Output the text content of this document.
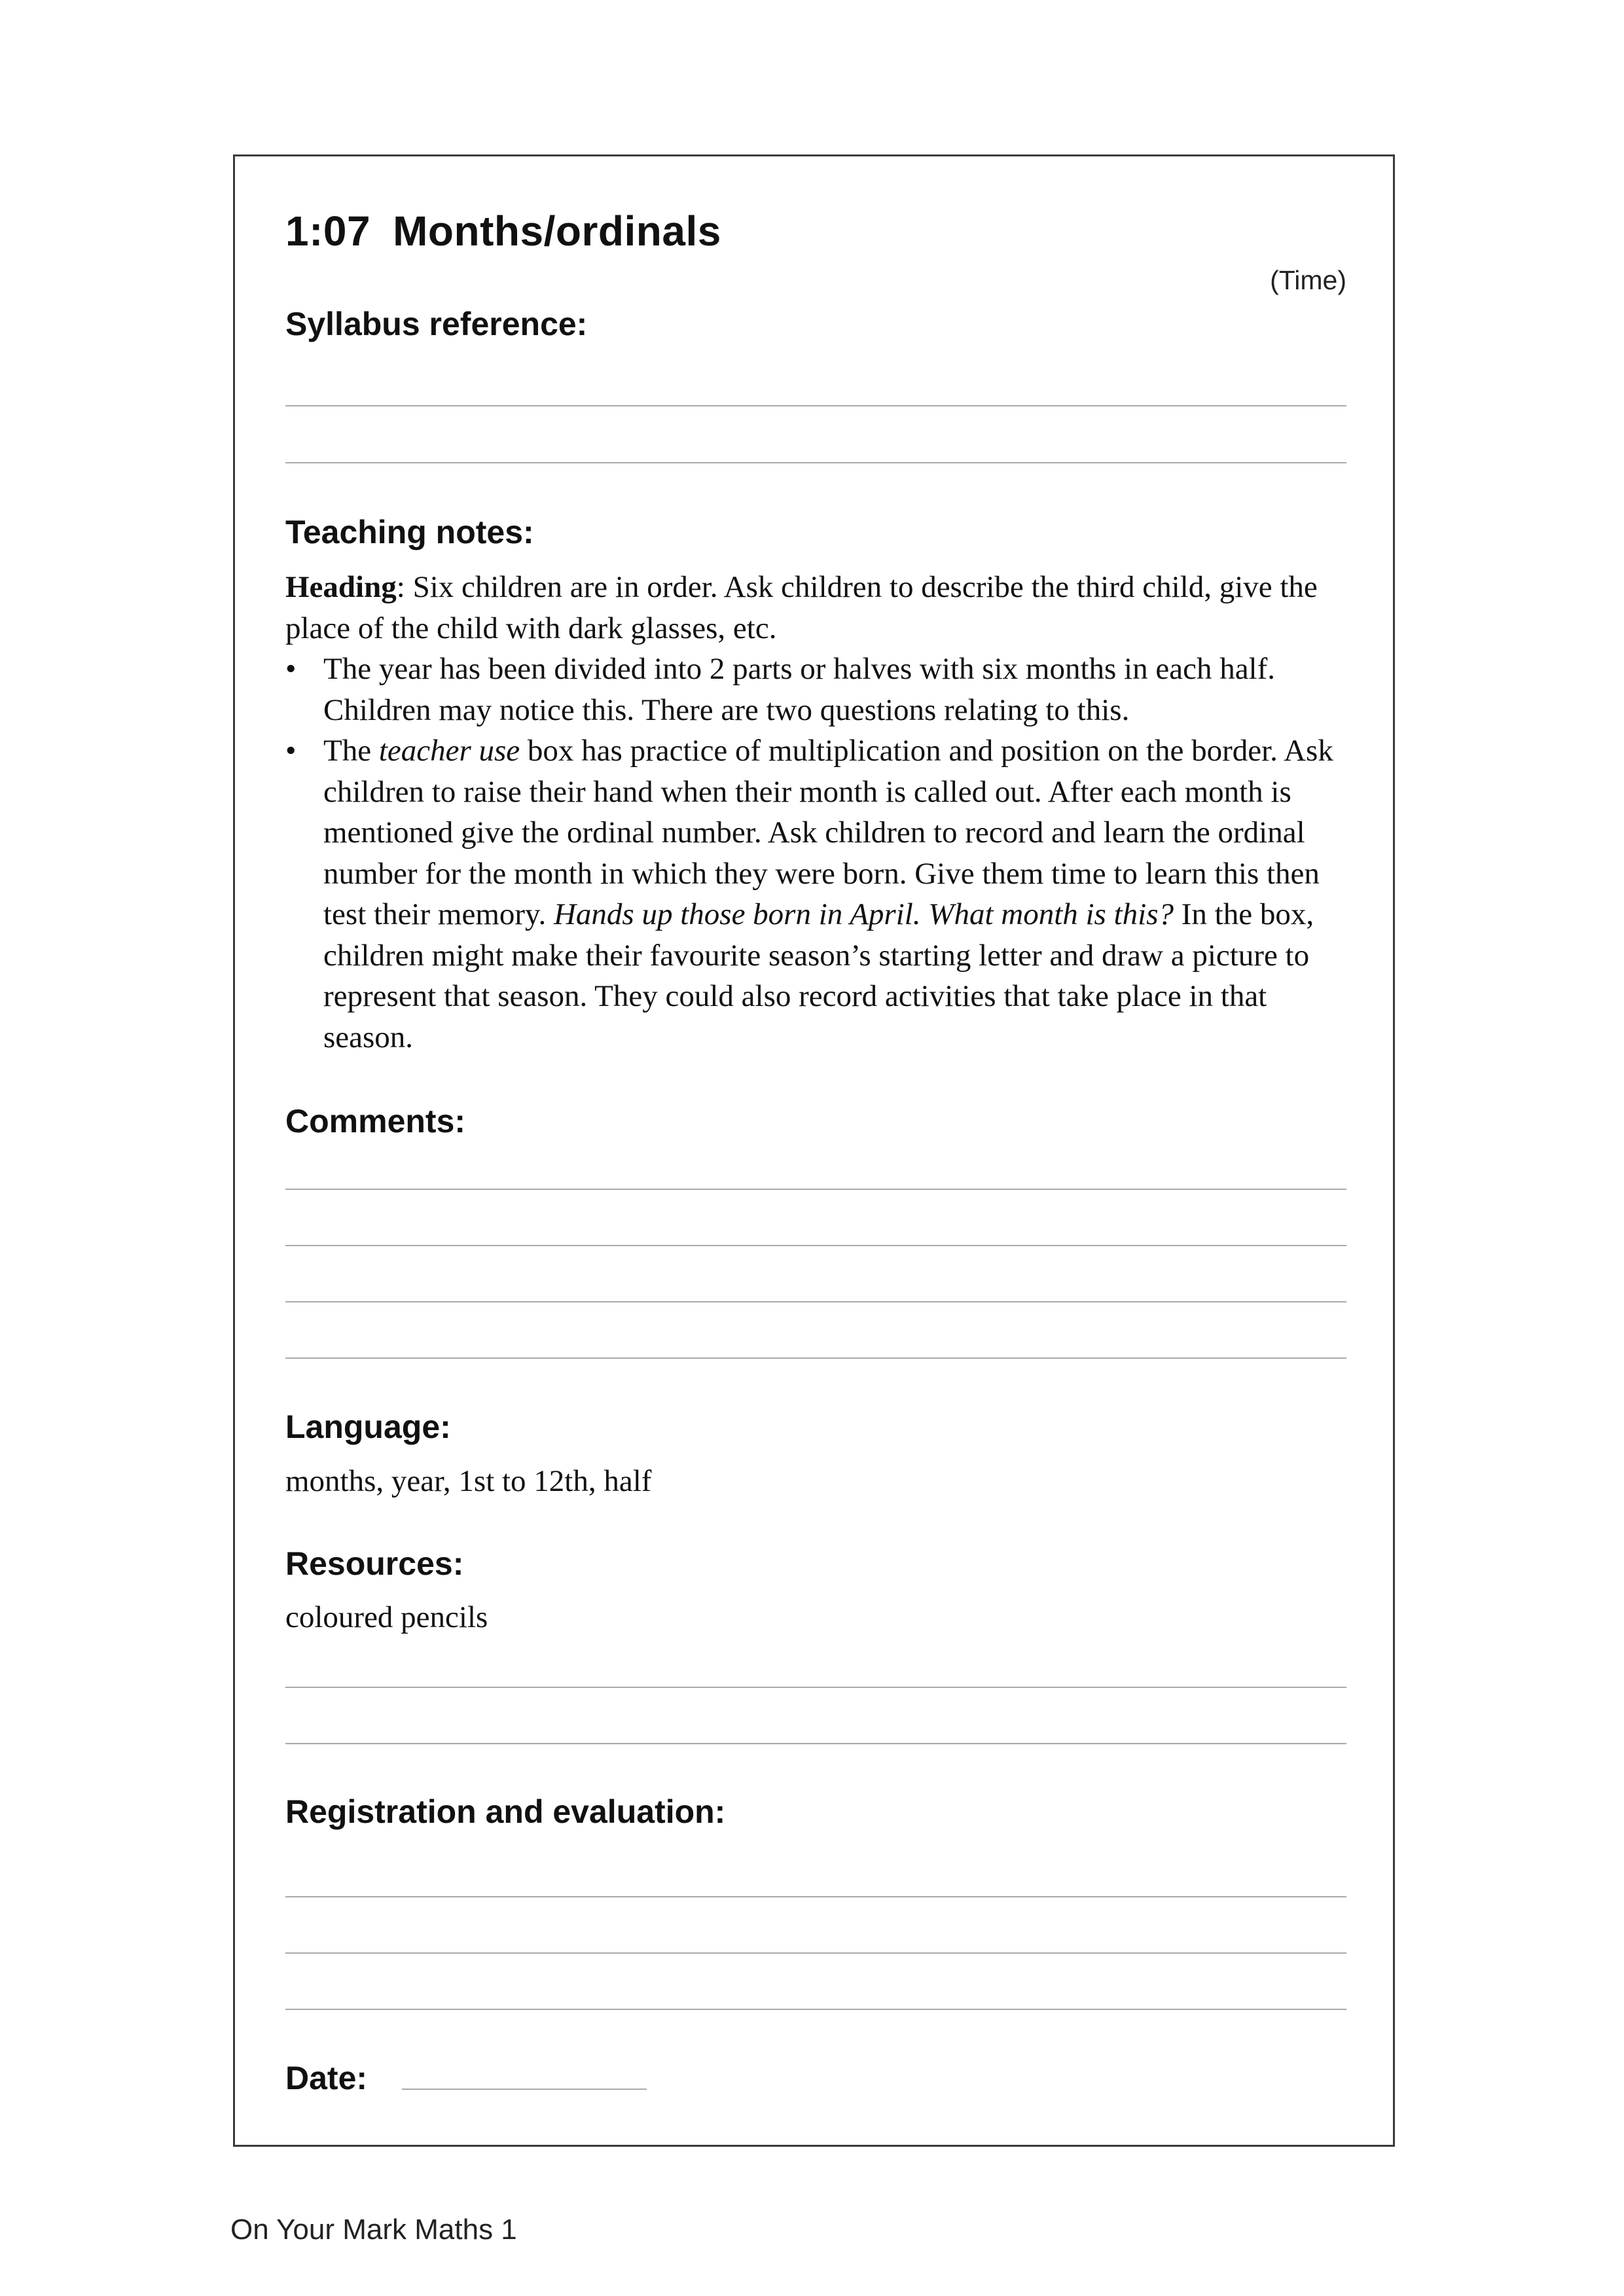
1:07 Months/ordinals
(Time)
Syllabus reference:
Teaching notes:

Heading: Six children are in order. Ask children to describe the third child, give the place of the child with dark glasses, etc.

• The year has been divided into 2 parts or halves with six months in each half. Children may notice this. There are two questions relating to this.
• The teacher use box has practice of multiplication and position on the border. Ask children to raise their hand when their month is called out. After each month is mentioned give the ordinal number. Ask children to record and learn the ordinal number for the month in which they were born. Give them time to learn this then test their memory. Hands up those born in April. What month is this? In the box, children might make their favourite season’s starting letter and draw a picture to represent that season. They could also record activities that take place in that season.
Comments:
Language:
months, year, 1st to 12th, half
Resources:
coloured pencils
Registration and evaluation:
Date:
On Your Mark Maths 1
